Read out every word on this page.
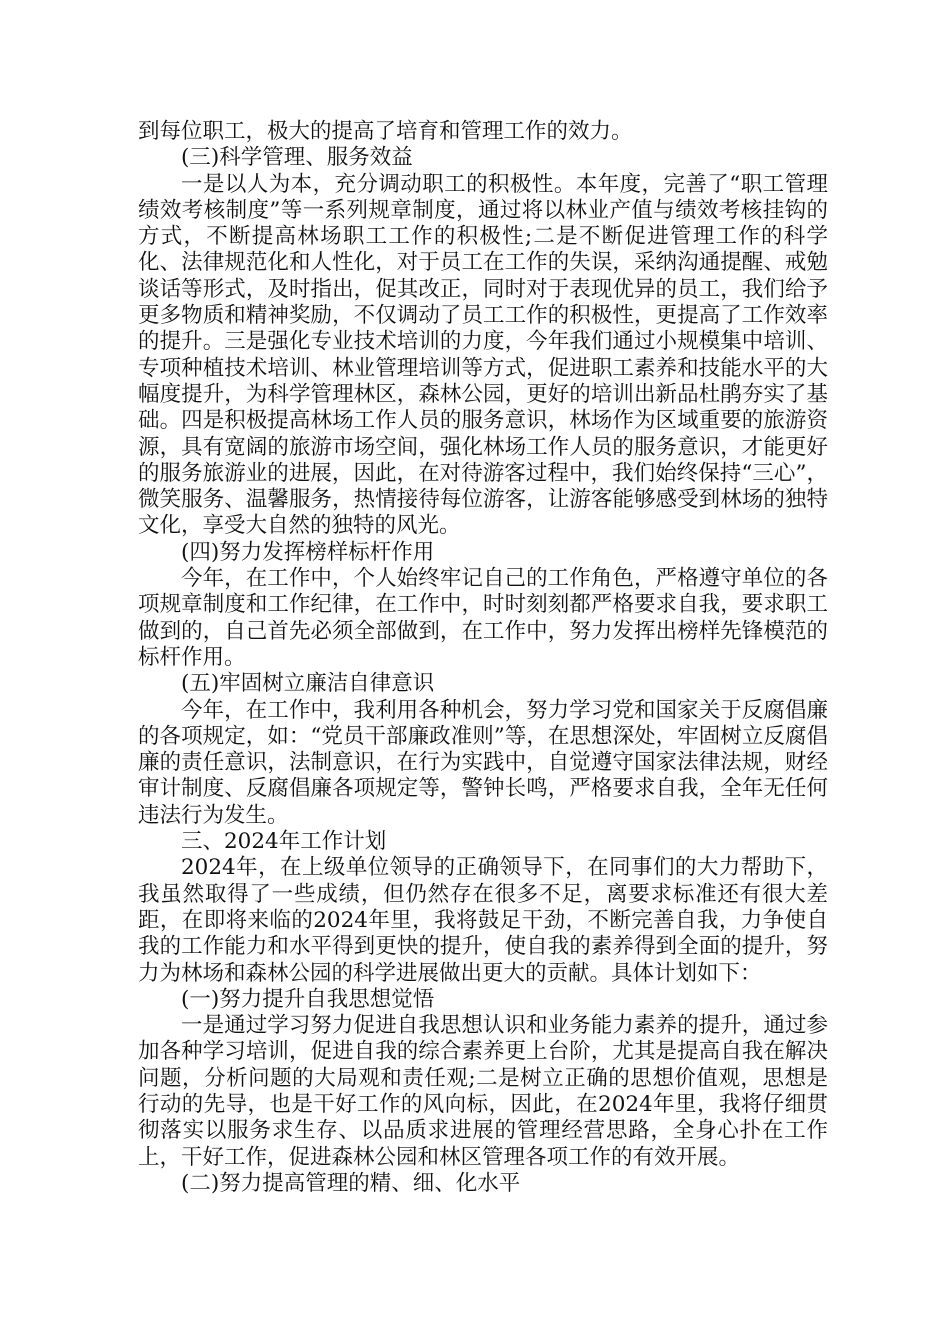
到每位职工，极大的提高了培育和管理工作的效力。

(三)科学管理、服务效益

一是以人为本，充分调动职工的积极性。本年度，完善了“职工管理绩效考核制度”等一系列规章制度，通过将以林业产值与绩效考核挂钩的方式，不断提高林场职工工作的积极性;二是不断促进管理工作的科学化、法律规范化和人性化，对于员工在工作的失误，采纳沟通提醒、戒勉谈话等形式，及时指出，促其改正，同时对于表现优异的员工，我们给予更多物质和精神奖励，不仅调动了员工工作的积极性，更提高了工作效率的提升。三是强化专业技术培训的力度，今年我们通过小规模集中培训、专项种植技术培训、林业管理培训等方式，促进职工素养和技能水平的大幅度提升，为科学管理林区，森林公园，更好的培训出新品杜鹃夯实了基础。四是积极提高林场工作人员的服务意识，林场作为区域重要的旅游资源，具有宽阔的旅游市场空间，强化林场工作人员的服务意识，才能更好的服务旅游业的进展，因此，在对待游客过程中，我们始终保持“三心”，微笑服务、温馨服务，热情接待每位游客，让游客能够感受到林场的独特文化，享受大自然的独特的风光。

(四)努力发挥榜样标杆作用

今年，在工作中，个人始终牢记自己的工作角色，严格遵守单位的各项规章制度和工作纪律，在工作中，时时刻刻都严格要求自我，要求职工做到的，自己首先必须全部做到，在工作中，努力发挥出榜样先锋模范的标杆作用。

(五)牢固树立廉洁自律意识

今年，在工作中，我利用各种机会，努力学习党和国家关于反腐倡廉的各项规定，如：“党员干部廉政准则”等，在思想深处，牢固树立反腐倡廉的责任意识，法制意识，在行为实践中，自觉遵守国家法律法规，财经审计制度、反腐倡廉各项规定等，警钟长鸣，严格要求自我，全年无任何违法行为发生。

三、2024年工作计划

2024年，在上级单位领导的正确领导下，在同事们的大力帮助下，我虽然取得了一些成绩，但仍然存在很多不足，离要求标准还有很大差距，在即将来临的2024年里，我将鼓足干劲，不断完善自我，力争使自我的工作能力和水平得到更快的提升，使自我的素养得到全面的提升，努力为林场和森林公园的科学进展做出更大的贡献。具体计划如下：

(一)努力提升自我思想觉悟

一是通过学习努力促进自我思想认识和业务能力素养的提升，通过参加各种学习培训，促进自我的综合素养更上台阶，尤其是提高自我在解决问题，分析问题的大局观和责任观;二是树立正确的思想价值观，思想是行动的先导，也是干好工作的风向标，因此，在2024年里，我将仔细贯彻落实以服务求生存、以品质求进展的管理经营思路，全身心扑在工作上，干好工作，促进森林公园和林区管理各项工作的有效开展。

(二)努力提高管理的精、细、化水平
